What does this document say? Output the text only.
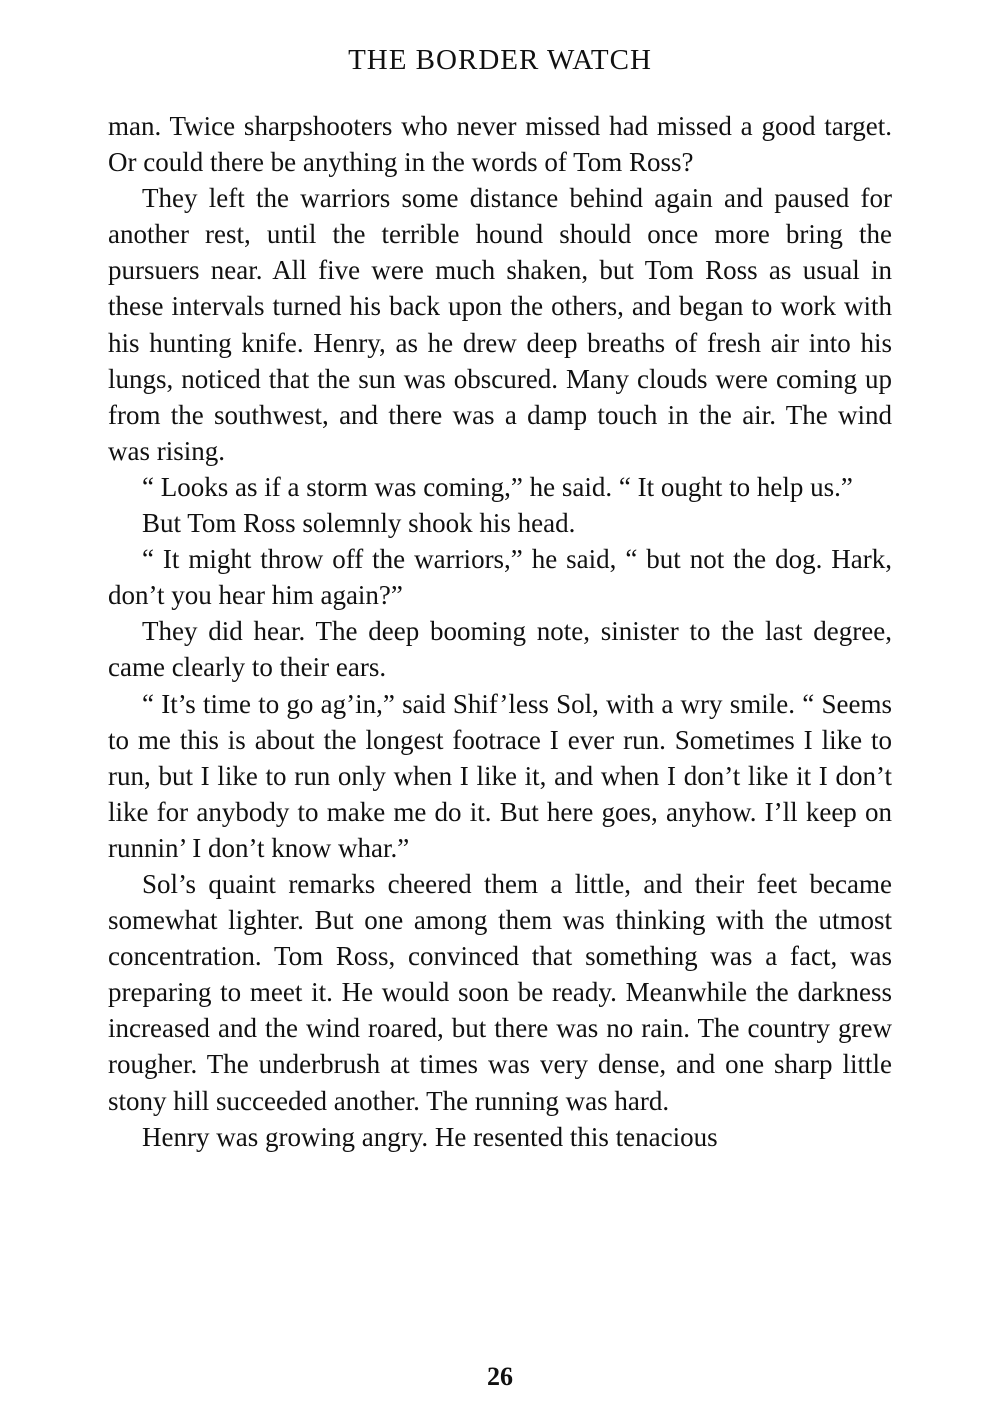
THE BORDER WATCH

man. Twice sharpshooters who never missed had missed a good target. Or could there be anything in the words of Tom Ross?

They left the warriors some distance behind again and paused for another rest, until the terrible hound should once more bring the pursuers near. All five were much shaken, but Tom Ross as usual in these intervals turned his back upon the others, and began to work with his hunting knife. Henry, as he drew deep breaths of fresh air into his lungs, noticed that the sun was obscured. Many clouds were coming up from the southwest, and there was a damp touch in the air. The wind was rising.

“ Looks as if a storm was coming,” he said. “ It ought to help us.”

But Tom Ross solemnly shook his head.

“ It might throw off the warriors,” he said, “ but not the dog. Hark, don’t you hear him again?”

They did hear. The deep booming note, sinister to the last degree, came clearly to their ears.

“ It’s time to go ag’in,” said Shif’less Sol, with a wry smile. “ Seems to me this is about the longest footrace I ever run. Sometimes I like to run, but I like to run only when I like it, and when I don’t like it I don’t like for anybody to make me do it. But here goes, anyhow. I’ll keep on runnin’ I don’t know whar.”

Sol’s quaint remarks cheered them a little, and their feet became somewhat lighter. But one among them was thinking with the utmost concentration. Tom Ross, convinced that something was a fact, was preparing to meet it. He would soon be ready. Meanwhile the darkness increased and the wind roared, but there was no rain. The country grew rougher. The underbrush at times was very dense, and one sharp little stony hill succeeded another. The running was hard.

Henry was growing angry. He resented this tenacious

26
